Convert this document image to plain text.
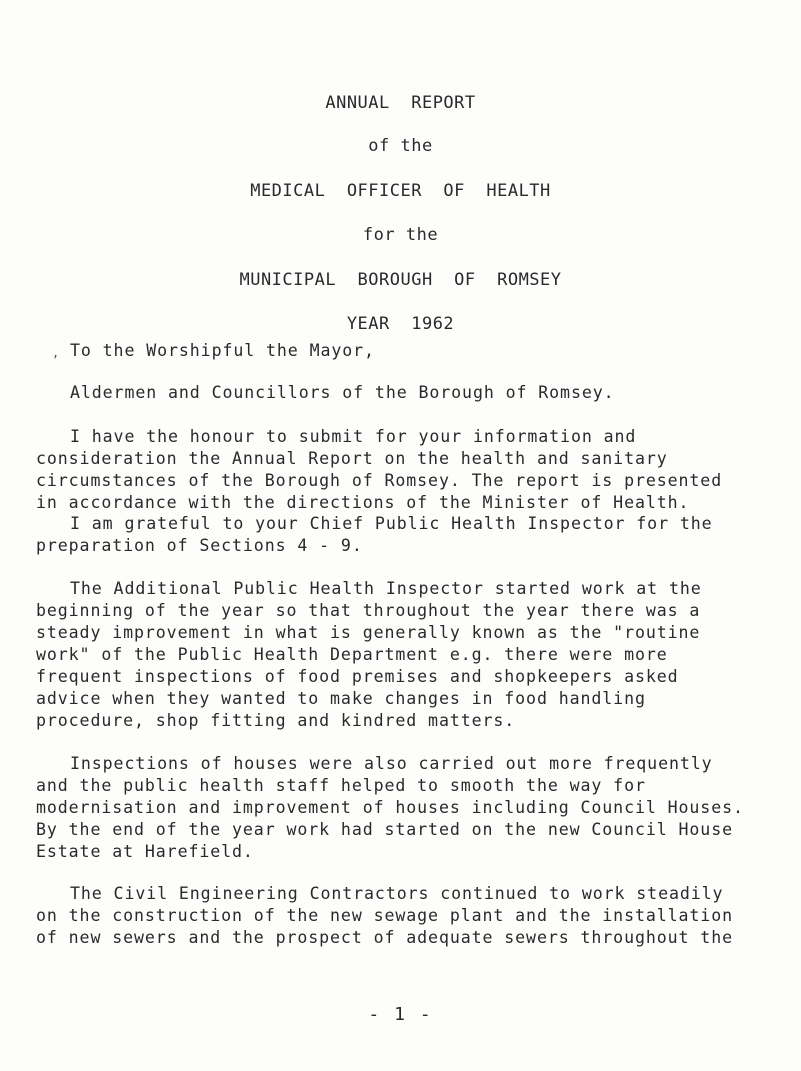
ANNUAL  REPORT
of the
MEDICAL  OFFICER  OF  HEALTH
for the
MUNICIPAL  BOROUGH  OF  ROMSEY
YEAR  1962
, To the Worshipful the Mayor,
Aldermen and Councillors of the Borough of Romsey.
I have the honour to submit for your information and
consideration the Annual Report on the health and sanitary
circumstances of the Borough of Romsey. The report is presented
in accordance with the directions of the Minister of Health.
I am grateful to your Chief Public Health Inspector for the
preparation of Sections 4 - 9.
The Additional Public Health Inspector started work at the
beginning of the year so that throughout the year there was a
steady improvement in what is generally known as the "routine
work" of the Public Health Department e.g. there were more
frequent inspections of food premises and shopkeepers asked
advice when they wanted to make changes in food handling
procedure, shop fitting and kindred matters.
Inspections of houses were also carried out more frequently
and the public health staff helped to smooth the way for
modernisation and improvement of houses including Council Houses.
By the end of the year work had started on the new Council House
Estate at Harefield.
The Civil Engineering Contractors continued to work steadily
on the construction of the new sewage plant and the installation
of new sewers and the prospect of adequate sewers throughout the
- 1 -
